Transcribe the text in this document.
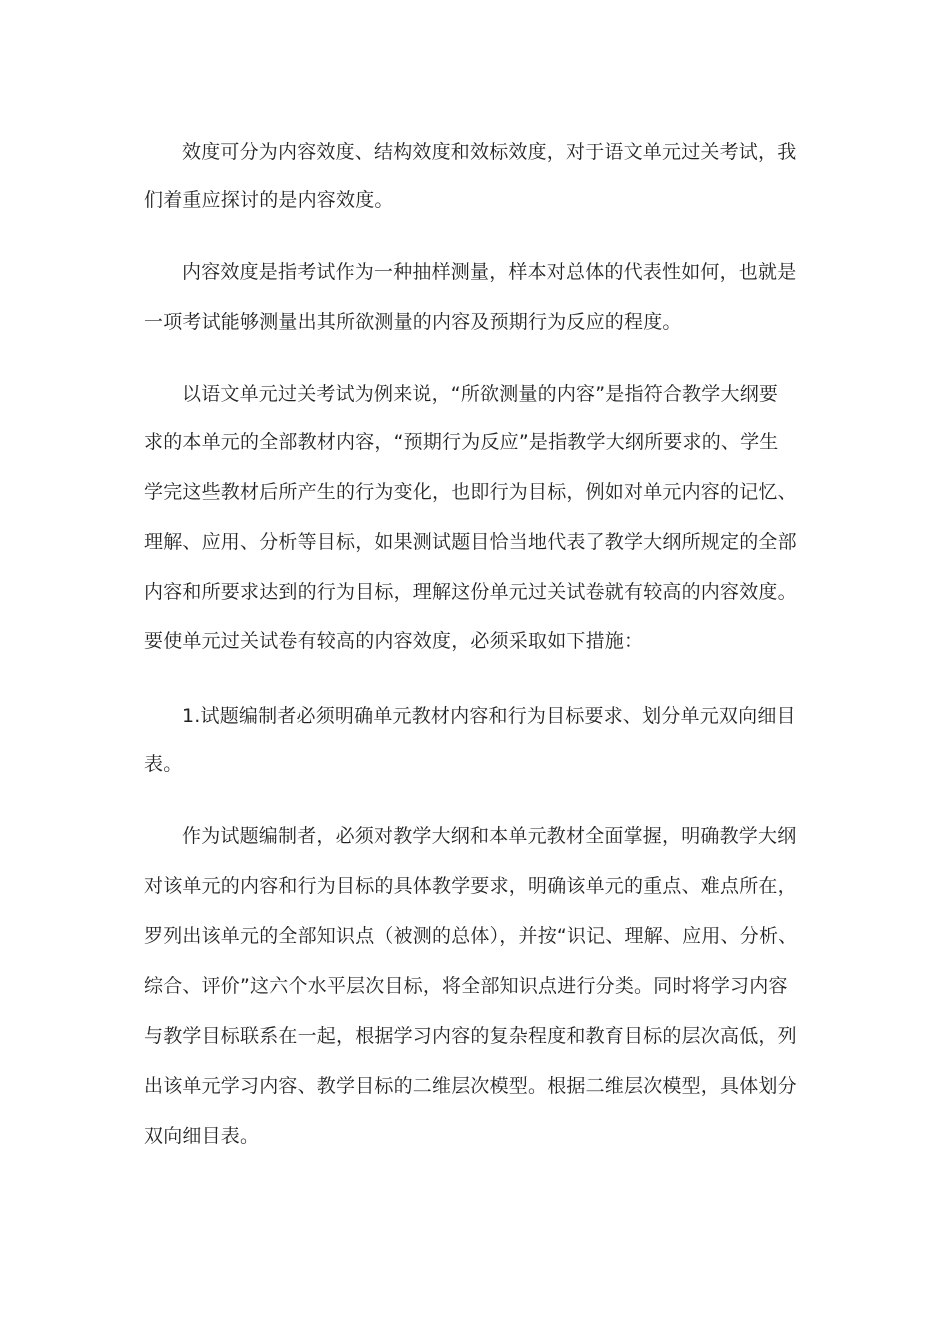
效度可分为内容效度、结构效度和效标效度，对于语文单元过关考试，我
们着重应探讨的是内容效度。
内容效度是指考试作为一种抽样测量，样本对总体的代表性如何，也就是
一项考试能够测量出其所欲测量的内容及预期行为反应的程度。
以语文单元过关考试为例来说，“所欲测量的内容”是指符合教学大纲要
求的本单元的全部教材内容，“预期行为反应”是指教学大纲所要求的、学生
学完这些教材后所产生的行为变化，也即行为目标，例如对单元内容的记忆、
理解、应用、分析等目标，如果测试题目恰当地代表了教学大纲所规定的全部
内容和所要求达到的行为目标，理解这份单元过关试卷就有较高的内容效度。
要使单元过关试卷有较高的内容效度，必须采取如下措施：
1.试题编制者必须明确单元教材内容和行为目标要求、划分单元双向细目
表。
作为试题编制者，必须对教学大纲和本单元教材全面掌握，明确教学大纲
对该单元的内容和行为目标的具体教学要求，明确该单元的重点、难点所在，
罗列出该单元的全部知识点（被测的总体），并按“识记、理解、应用、分析、
综合、评价”这六个水平层次目标，将全部知识点进行分类。同时将学习内容
与教学目标联系在一起，根据学习内容的复杂程度和教育目标的层次高低，列
出该单元学习内容、教学目标的二维层次模型。根据二维层次模型，具体划分
双向细目表。
